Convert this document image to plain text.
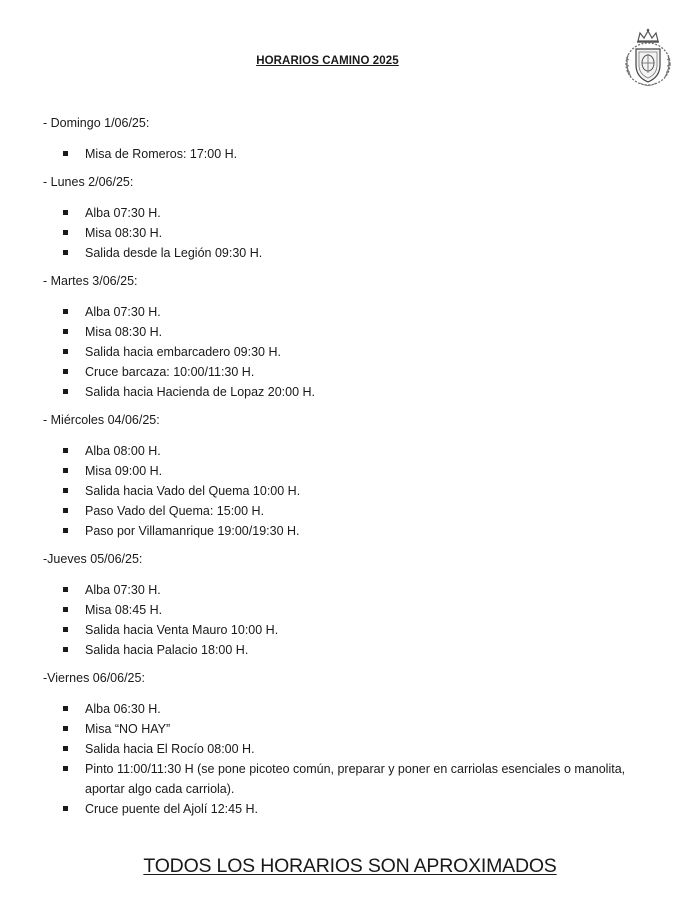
HORARIOS CAMINO 2025
- Domingo 1/06/25:
Misa de Romeros: 17:00 H.
- Lunes 2/06/25:
Alba 07:30 H.
Misa 08:30 H.
Salida desde la Legión 09:30 H.
- Martes 3/06/25:
Alba 07:30 H.
Misa 08:30 H.
Salida hacia embarcadero 09:30 H.
Cruce barcaza: 10:00/11:30 H.
Salida hacia Hacienda de Lopaz 20:00 H.
- Miércoles 04/06/25:
Alba 08:00 H.
Misa 09:00 H.
Salida hacia Vado del Quema 10:00 H.
Paso Vado del Quema: 15:00 H.
Paso por Villamanrique 19:00/19:30 H.
-Jueves 05/06/25:
Alba 07:30 H.
Misa 08:45 H.
Salida hacia Venta Mauro 10:00 H.
Salida hacia Palacio 18:00 H.
-Viernes 06/06/25:
Alba 06:30 H.
Misa “NO HAY”
Salida hacia El Rocío 08:00 H.
Pinto 11:00/11:30 H (se pone picoteo común, preparar y poner en carriolas esenciales o manolita, aportar algo cada carriola).
Cruce puente del Ajolí 12:45 H.
TODOS LOS HORARIOS SON APROXIMADOS
